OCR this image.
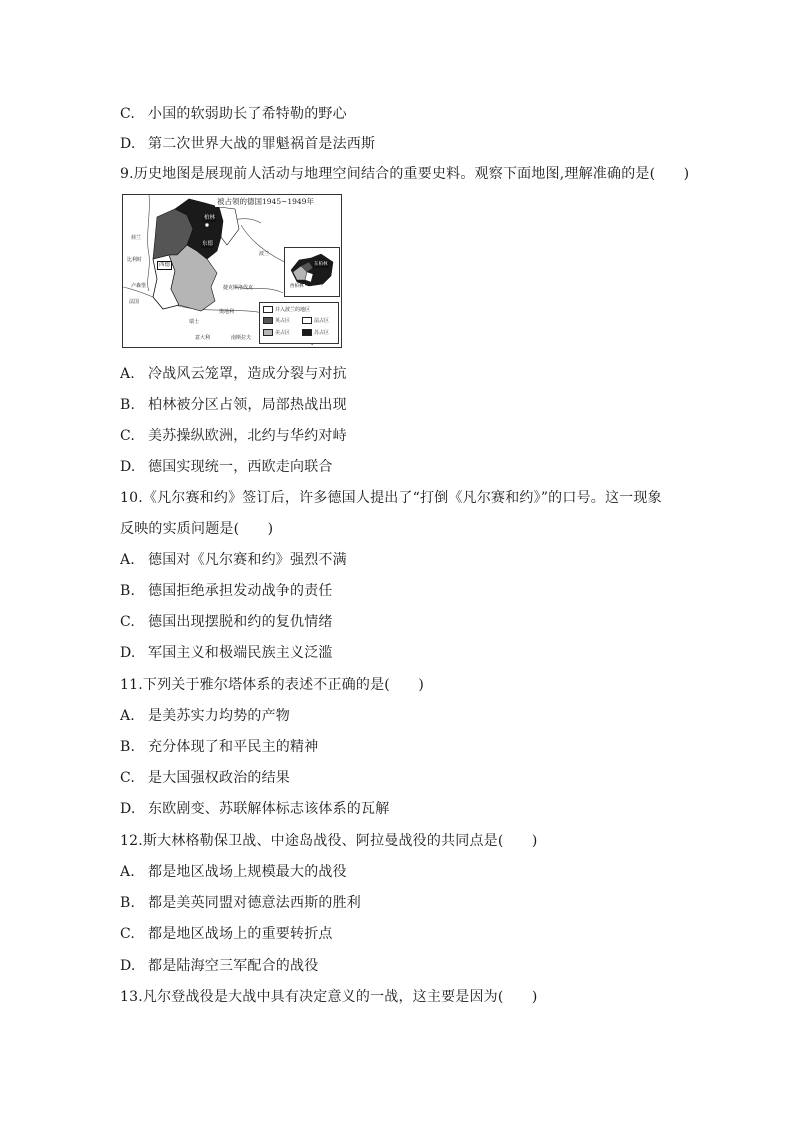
C. 小国的软弱助长了希特勒的野心
D. 第二次世界大战的罪魁祸首是法西斯
9.历史地图是展现前人活动与地理空间结合的重要史料。观察下面地图,理解准确的是(　　)
被占领的德国1945~1949年
荷兰
比利时
卢森堡
法国
瑞士
意大利
奥地利
捷克斯洛伐克
波兰
南斯拉夫
柏林
东德
西德	东柏林
西柏林
并入波兰的地区
英占区	法占区
美占区	苏占区
A. 冷战风云笼罩，造成分裂与对抗
B. 柏林被分区占领，局部热战出现
C. 美苏操纵欧洲，北约与华约对峙
D. 德国实现统一，西欧走向联合
10.《凡尔赛和约》签订后，许多德国人提出了“打倒《凡尔赛和约》”的口号。这一现象
反映的实质问题是(　　)
A. 德国对《凡尔赛和约》强烈不满
B. 德国拒绝承担发动战争的责任
C. 德国出现摆脱和约的复仇情绪
D. 军国主义和极端民族主义泛滥
11.下列关于雅尔塔体系的表述不正确的是(　　)
A. 是美苏实力均势的产物
B. 充分体现了和平民主的精神
C. 是大国强权政治的结果
D. 东欧剧变、苏联解体标志该体系的瓦解
12.斯大林格勒保卫战、中途岛战役、阿拉曼战役的共同点是(　　)
A. 都是地区战场上规模最大的战役
B. 都是美英同盟对德意法西斯的胜利
C. 都是地区战场上的重要转折点
D. 都是陆海空三军配合的战役
13.凡尔登战役是大战中具有决定意义的一战，这主要是因为(　　)
